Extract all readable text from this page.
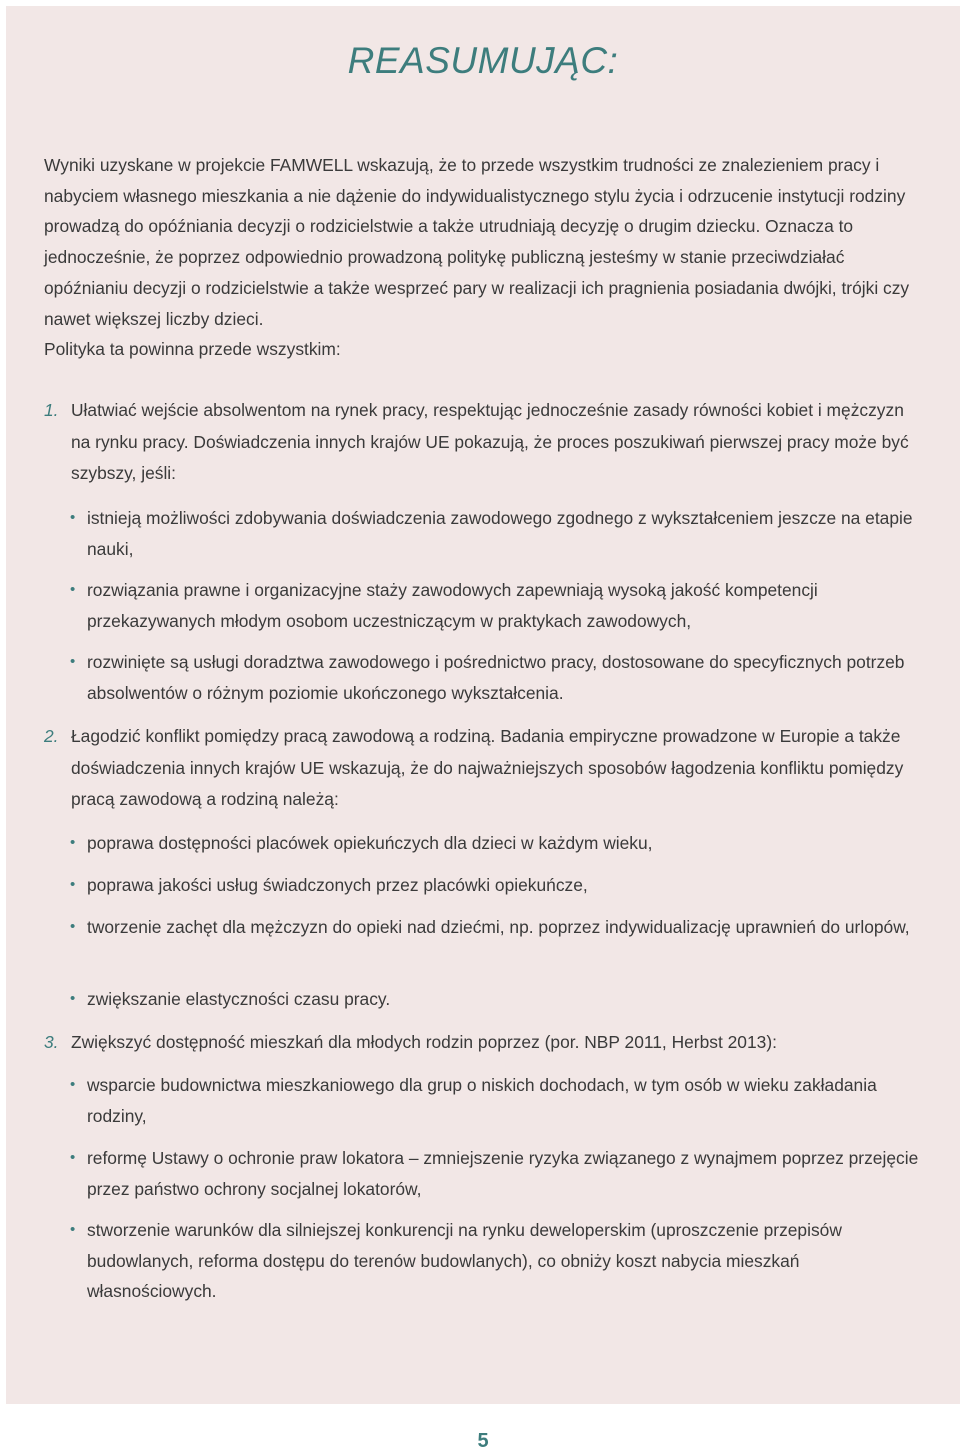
REASUMUJĄC:

Wyniki uzyskane w projekcie FAMWELL wskazują, że to przede wszystkim trudności ze znalezieniem pracy i nabyciem własnego mieszkania a nie dążenie do indywidualistycznego stylu życia i odrzucenie instytucji rodziny prowadzą do opóźniania decyzji o rodzicielstwie a także utrudniają decyzję o drugim dziecku. Oznacza to jednocześnie, że poprzez odpowiednio prowadzoną politykę publiczną jesteśmy w stanie przeciwdziałać opóźnianiu decyzji o rodzicielstwie a także wesprzeć pary w realizacji ich pragnienia posiadania dwójki, trójki czy nawet większej liczby dzieci.

Polityka ta powinna przede wszystkim:

1. Ułatwiać wejście absolwentom na rynek pracy, respektując jednocześnie zasady równości kobiet i mężczyzn na rynku pracy. Doświadczenia innych krajów UE pokazują, że proces poszukiwań pierwszej pracy może być szybszy, jeśli:
• istnieją możliwości zdobywania doświadczenia zawodowego zgodnego z wykształceniem jeszcze na etapie nauki,
• rozwiązania prawne i organizacyjne staży zawodowych zapewniają wysoką jakość kompetencji przekazywanych młodym osobom uczestniczącym w praktykach zawodowych,
• rozwinięte są usługi doradztwa zawodowego i pośrednictwo pracy, dostosowane do specyficznych potrzeb absolwentów o różnym poziomie ukończonego wykształcenia.
2. Łagodzić konflikt pomiędzy pracą zawodową a rodziną. Badania empiryczne prowadzone w Europie a także doświadczenia innych krajów UE wskazują, że do najważniejszych sposobów łagodzenia konfliktu pomiędzy pracą zawodową a rodziną należą:
• poprawa dostępności placówek opiekuńczych dla dzieci w każdym wieku,
• poprawa jakości usług świadczonych przez placówki opiekuńcze,
• tworzenie zachęt dla mężczyzn do opieki nad dziećmi, np. poprzez indywidualizację uprawnień do urlopów,
• zwiększanie elastyczności czasu pracy.
3. Zwiększyć dostępność mieszkań dla młodych rodzin poprzez (por. NBP 2011, Herbst 2013):
• wsparcie budownictwa mieszkaniowego dla grup o niskich dochodach, w tym osób w wieku zakładania rodziny,
• reformę Ustawy o ochronie praw lokatora – zmniejszenie ryzyka związanego z wynajmem poprzez przejęcie przez państwo ochrony socjalnej lokatorów,
• stworzenie warunków dla silniejszej konkurencji na rynku deweloperskim (uproszczenie przepisów budowlanych, reforma dostępu do terenów budowlanych), co obniży koszt nabycia mieszkań własnościowych.
5
